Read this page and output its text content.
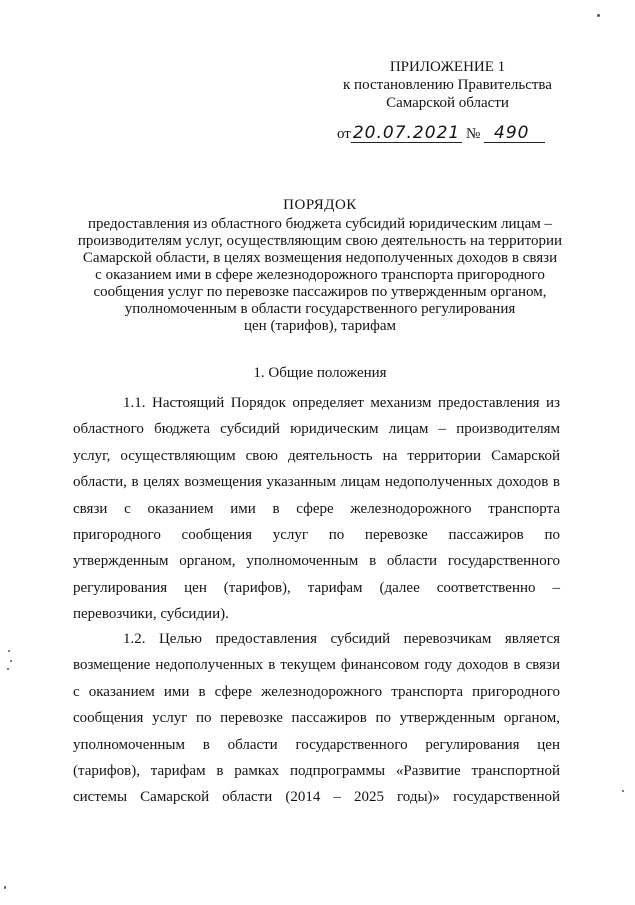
ПРИЛОЖЕНИЕ 1
к постановлению Правительства
Самарской области
от 20.07.2021 № 490
ПОРЯДОК
предоставления из областного бюджета субсидий юридическим лицам –
производителям услуг, осуществляющим свою деятельность на территории
Самарской области, в целях возмещения недополученных доходов в связи
с оказанием ими в сфере железнодорожного транспорта пригородного
сообщения услуг по перевозке пассажиров по утвержденным органом,
уполномоченным в области государственного регулирования
цен (тарифов), тарифам
1. Общие положения
1.1. Настоящий Порядок определяет механизм предоставления из
областного бюджета субсидий юридическим лицам – производителям
услуг, осуществляющим свою деятельность на территории Самарской
области, в целях возмещения указанным лицам недополученных доходов в
связи с оказанием ими в сфере железнодорожного транспорта
пригородного сообщения услуг по перевозке пассажиров по
утвержденным органом, уполномоченным в области государственного
регулирования цен (тарифов), тарифам (далее соответственно –
перевозчики, субсидии).
1.2. Целью предоставления субсидий перевозчикам является
возмещение недополученных в текущем финансовом году доходов в связи
с оказанием ими в сфере железнодорожного транспорта пригородного
сообщения услуг по перевозке пассажиров по утвержденным органом,
уполномоченным в области государственного регулирования цен
(тарифов), тарифам в рамках подпрограммы «Развитие транспортной
системы Самарской области (2014 – 2025 годы)» государственной
